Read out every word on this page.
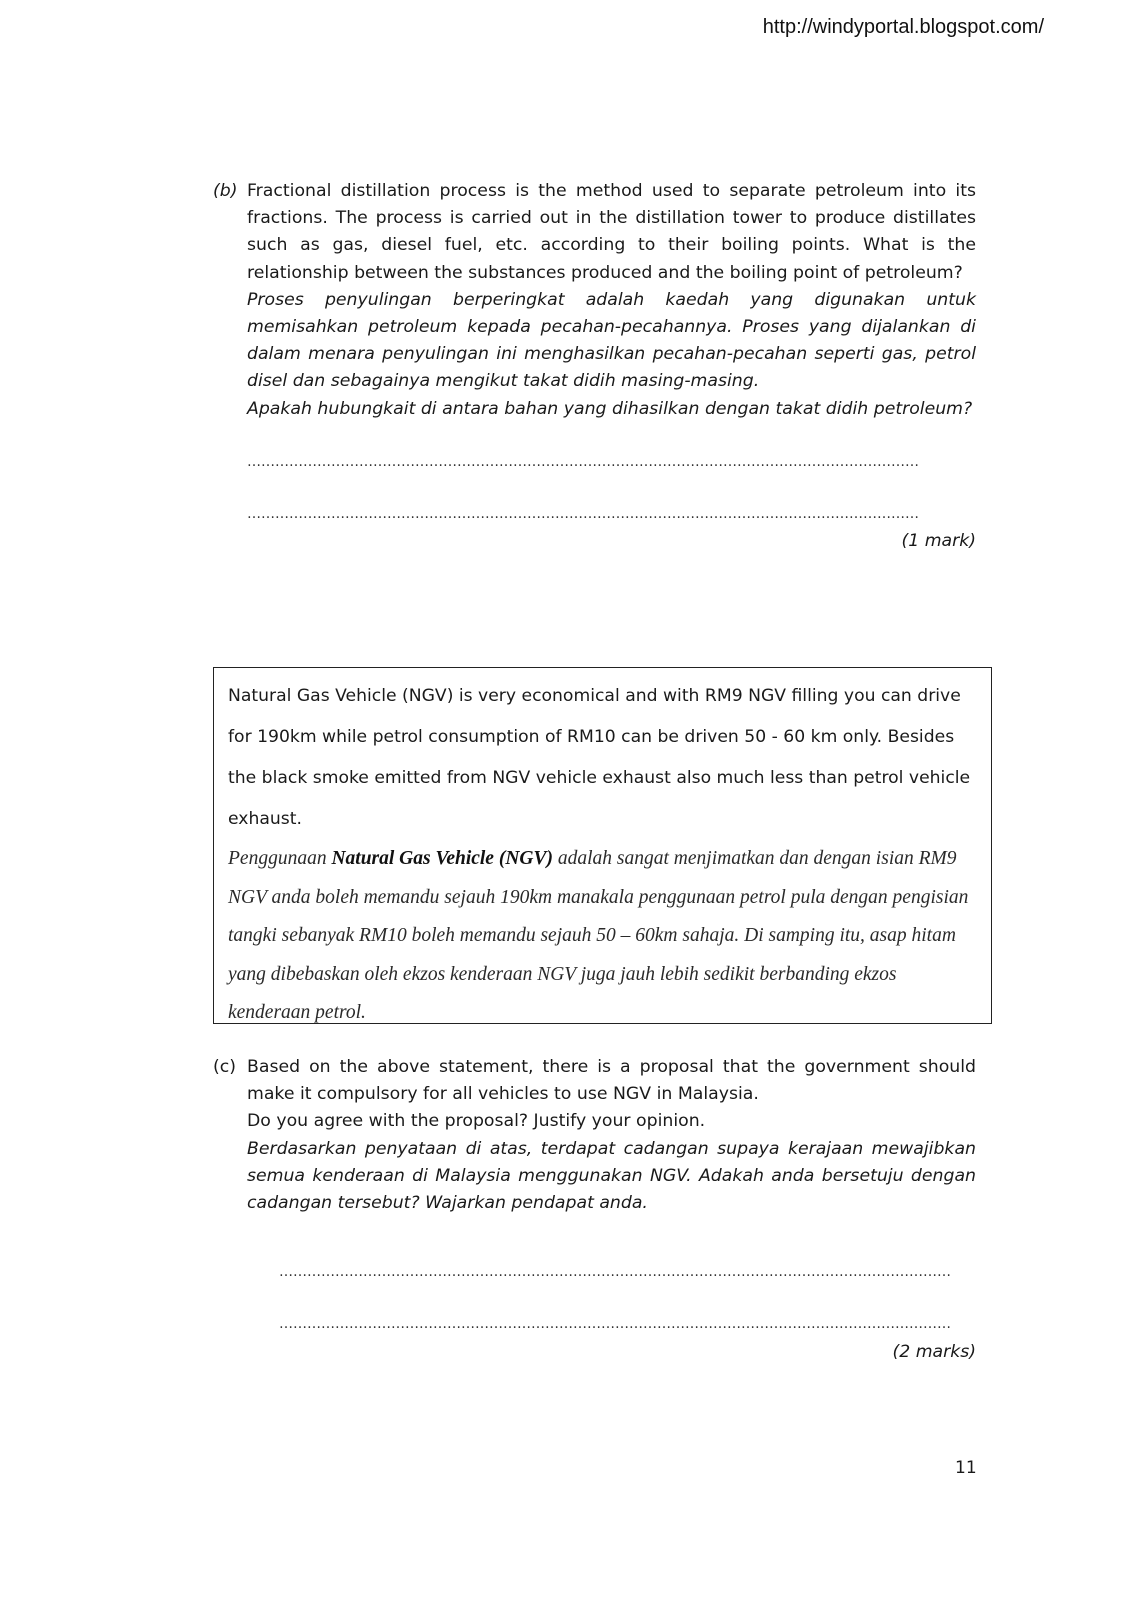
http://windyportal.blogspot.com/
(b) Fractional distillation process is the method used to separate petroleum into its fractions. The process is carried out in the distillation tower to produce distillates such as gas, diesel fuel, etc. according to their boiling points. What is the relationship between the substances produced and the boiling point of petroleum?

Proses penyulingan berperingkat adalah kaedah yang digunakan untuk memisahkan petroleum kepada pecahan-pecahannya. Proses yang dijalankan di dalam menara penyulingan ini menghasilkan pecahan-pecahan seperti gas, petrol disel dan sebagainya mengikut takat didih masing-masing.

Apakah hubungkait di antara bahan yang dihasilkan dengan takat didih petroleum?

………………………………………………………………………………………………………………………………
………………………………………………………………………………………………………………………………
(1 mark)

Natural Gas Vehicle (NGV) is very economical and with RM9 NGV filling you can drive for 190km while petrol consumption of RM10 can be driven 50 - 60 km only. Besides the black smoke emitted from NGV vehicle exhaust also much less than petrol vehicle exhaust.

Penggunaan Natural Gas Vehicle (NGV) adalah sangat menjimatkan dan dengan isian RM9 NGV anda boleh memandu sejauh 190km manakala penggunaan petrol pula dengan pengisian tangki sebanyak RM10 boleh memandu sejauh 50 – 60km sahaja. Di samping itu, asap hitam yang dibebaskan oleh ekzos kenderaan NGV juga jauh lebih sedikit berbanding ekzos kenderaan petrol.

(c) Based on the above statement, there is a proposal that the government should make it compulsory for all vehicles to use NGV in Malaysia.

Do you agree with the proposal? Justify your opinion.

Berdasarkan penyataan di atas, terdapat cadangan supaya kerajaan mewajibkan semua kenderaan di Malaysia menggunakan NGV. Adakah anda bersetuju dengan cadangan tersebut? Wajarkan pendapat anda.

………………………………………………………………………………………………………………………………
………………………………………………………………………………………………………………………………
(2 marks)
11
